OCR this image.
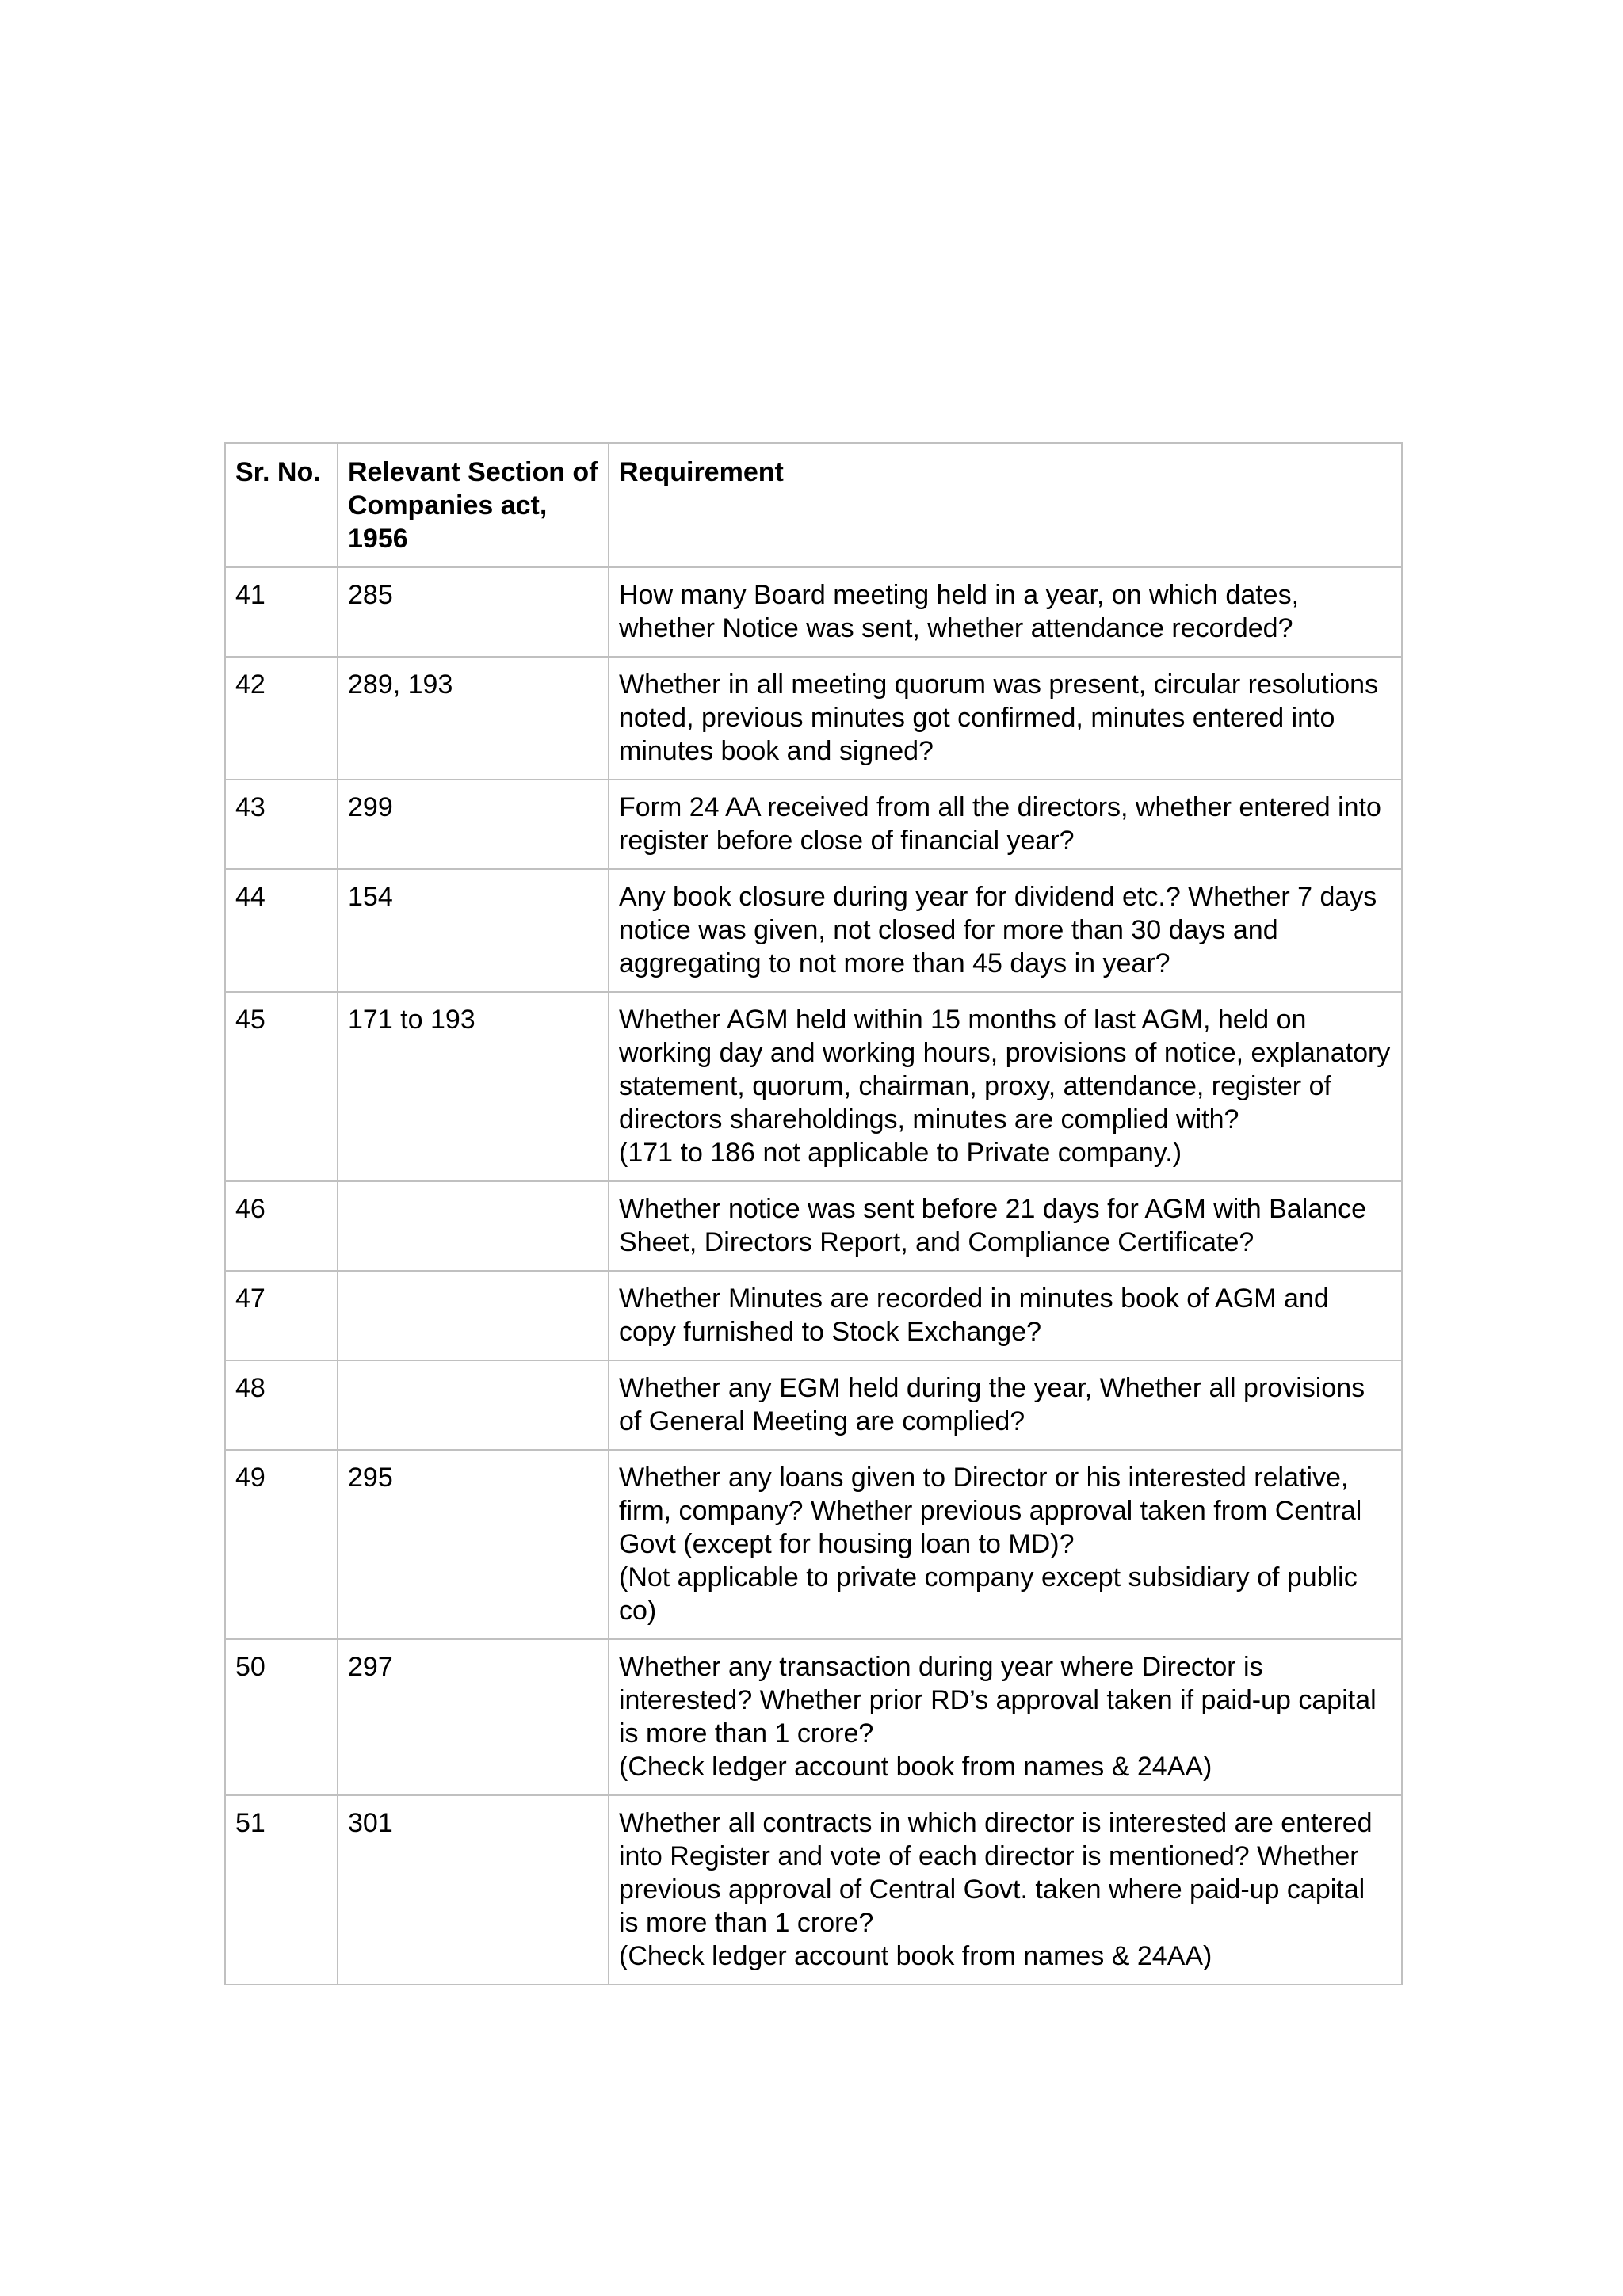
Sr. No.	Relevant Section of Companies act, 1956	Requirement
41	285	How many Board meeting held in a year, on which dates, whether Notice was sent, whether attendance recorded?

42	289, 193	Whether in all meeting quorum was present, circular resolutions noted, previous minutes got confirmed, minutes entered into minutes book and signed?

43	299	Form 24 AA received from all the directors, whether entered into register before close of financial year?

44	154	Any book closure during year for dividend etc.? Whether 7 days notice was given, not closed for more than 30 days and aggregating to not more than 45 days in year?

45	171 to 193	Whether AGM held within 15 months of last AGM, held on working day and working hours, provisions of notice, explanatory statement, quorum, chairman, proxy, attendance, register of directors shareholdings, minutes are complied with?
(171 to 186 not applicable to Private company.)

46		Whether notice was sent before 21 days for AGM with Balance Sheet, Directors Report, and Compliance Certificate?

47		Whether Minutes are recorded in minutes book of AGM and copy furnished to Stock Exchange?

48		Whether any EGM held during the year, Whether all provisions of General Meeting are complied?

49	295	Whether any loans given to Director or his interested relative, firm, company? Whether previous approval taken from Central Govt (except for housing loan to MD)?
(Not applicable to private company except subsidiary of public co)

50	297	Whether any transaction during year where Director is interested? Whether prior RD’s approval taken if paid-up capital is more than 1 crore?
(Check ledger account book from names & 24AA)

51	301	Whether all contracts in which director is interested are entered into Register and vote of each director is mentioned? Whether previous approval of Central Govt. taken where paid-up capital is more than 1 crore?
(Check ledger account book from names & 24AA)
